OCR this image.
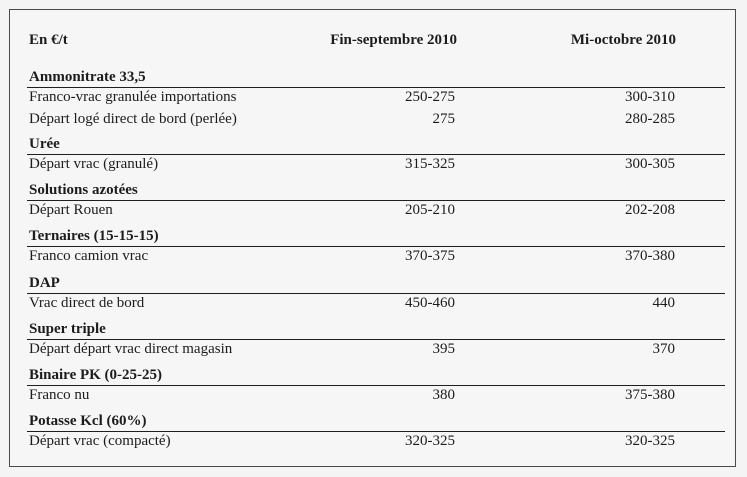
En €/t	Fin-septembre 2010	Mi-octobre 2010
Ammonitrate 33,5
Franco-vrac granulée importations	250-275	300-310
Départ logé direct de bord (perlée)	275	280-285
Urée
Départ vrac (granulé)	315-325	300-305
Solutions azotées
Départ Rouen	205-210	202-208
Ternaires (15-15-15)
Franco camion vrac	370-375	370-380
DAP
Vrac direct de bord	450-460	440
Super triple
Départ départ vrac direct magasin	395	370
Binaire PK (0-25-25)
Franco nu	380	375-380
Potasse Kcl (60%)
Départ vrac (compacté)	320-325	320-325
